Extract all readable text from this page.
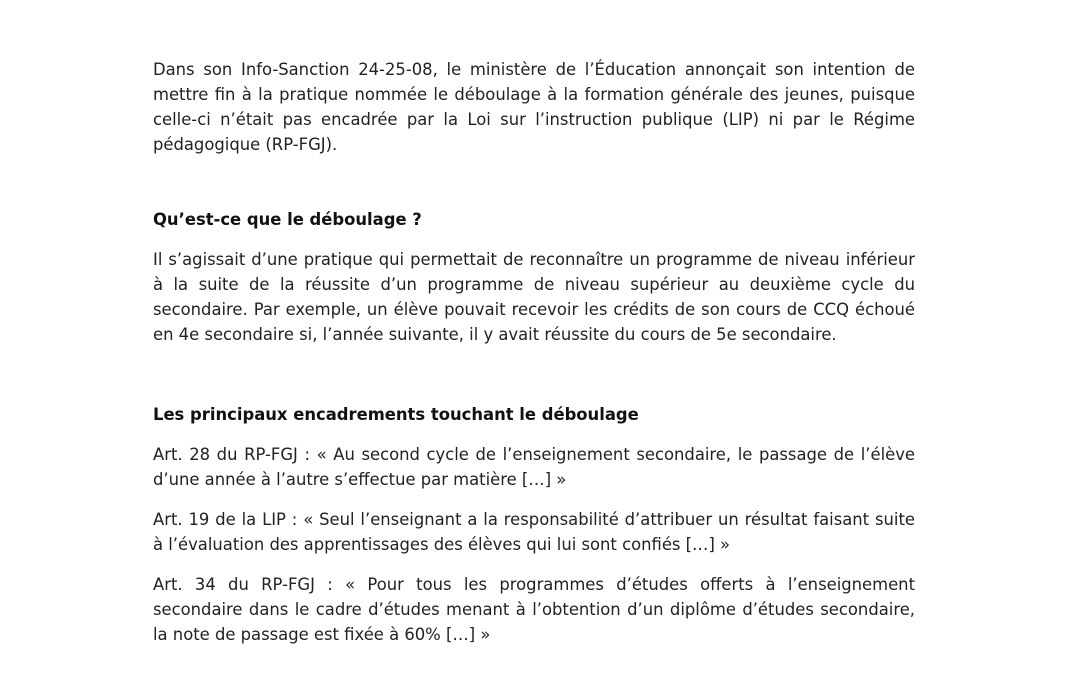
Dans son Info-Sanction 24-25-08, le ministère de l’Éducation annonçait son intention de mettre fin à la pratique nommée le déboulage à la formation générale des jeunes, puisque celle-ci n’était pas encadrée par la Loi sur l’instruction publique (LIP) ni par le Régime pédagogique (RP-FGJ).

Qu’est-ce que le déboulage ?

Il s’agissait d’une pratique qui permettait de reconnaître un programme de niveau inférieur à la suite de la réussite d’un programme de niveau supérieur au deuxième cycle du secondaire. Par exemple, un élève pouvait recevoir les crédits de son cours de CCQ échoué en 4e secondaire si, l’année suivante, il y avait réussite du cours de 5e secondaire.

Les principaux encadrements touchant le déboulage

Art. 28 du RP-FGJ : « Au second cycle de l’enseignement secondaire, le passage de l’élève d’une année à l’autre s’effectue par matière […] »

Art. 19 de la LIP : « Seul l’enseignant a la responsabilité d’attribuer un résultat faisant suite à l’évaluation des apprentissages des élèves qui lui sont confiés […] »

Art. 34 du RP-FGJ : « Pour tous les programmes d’études offerts à l’enseignement secondaire dans le cadre d’études menant à l’obtention d’un diplôme d’études secondaire, la note de passage est fixée à 60% […] »
